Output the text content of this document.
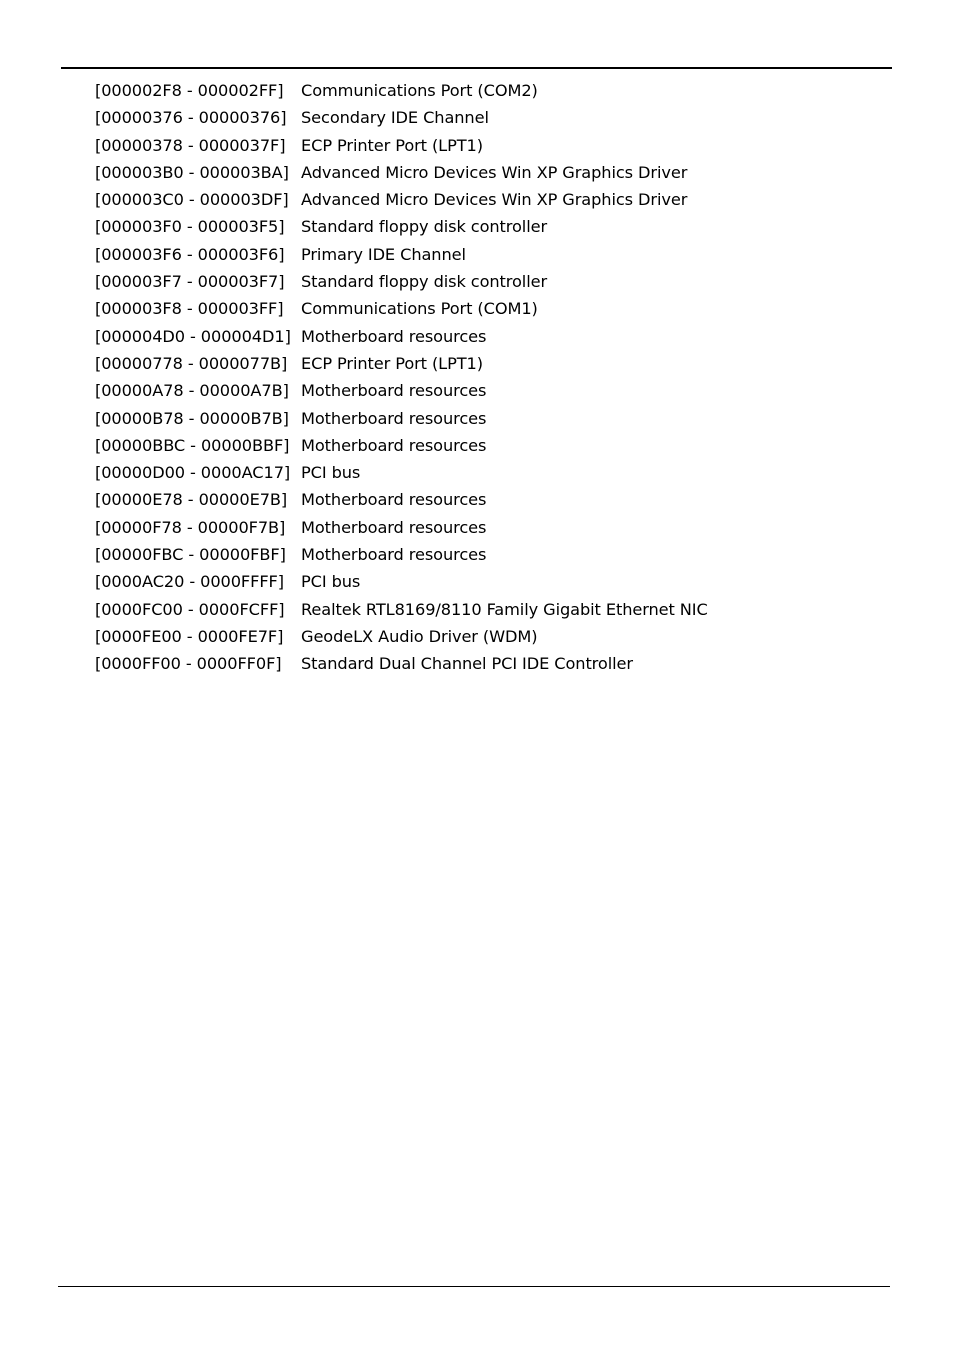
[000002F8 - 000002FF] Communications Port (COM2)
[00000376 - 00000376] Secondary IDE Channel
[00000378 - 0000037F] ECP Printer Port (LPT1)
[000003B0 - 000003BA] Advanced Micro Devices Win XP Graphics Driver
[000003C0 - 000003DF] Advanced Micro Devices Win XP Graphics Driver
[000003F0 - 000003F5] Standard floppy disk controller
[000003F6 - 000003F6] Primary IDE Channel
[000003F7 - 000003F7] Standard floppy disk controller
[000003F8 - 000003FF] Communications Port (COM1)
[000004D0 - 000004D1] Motherboard resources
[00000778 - 0000077B] ECP Printer Port (LPT1)
[00000A78 - 00000A7B] Motherboard resources
[00000B78 - 00000B7B] Motherboard resources
[00000BBC - 00000BBF] Motherboard resources
[00000D00 - 0000AC17] PCI bus
[00000E78 - 00000E7B] Motherboard resources
[00000F78 - 00000F7B] Motherboard resources
[00000FBC - 00000FBF] Motherboard resources
[0000AC20 - 0000FFFF] PCI bus
[0000FC00 - 0000FCFF] Realtek RTL8169/8110 Family Gigabit Ethernet NIC
[0000FE00 - 0000FE7F] GeodeLX Audio Driver (WDM)
[0000FF00 - 0000FF0F] Standard Dual Channel PCI IDE Controller
